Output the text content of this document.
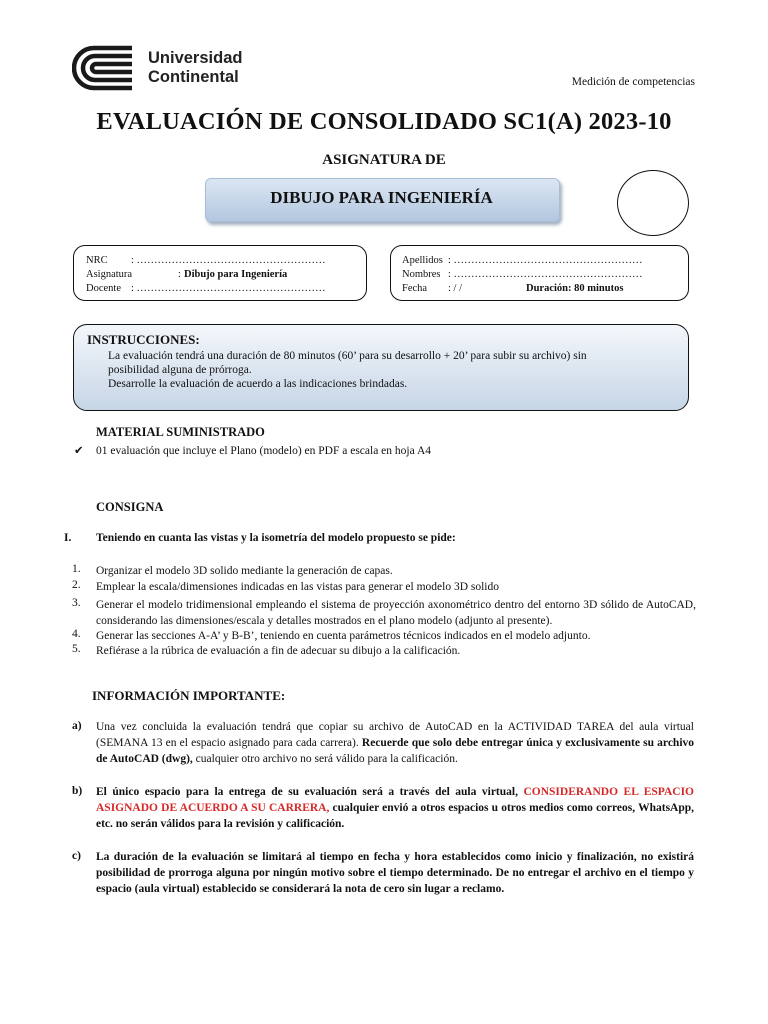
Universidad
Continental	Medición de competencias
EVALUACIÓN DE CONSOLIDADO SC1(A) 2023-10
ASIGNATURA DE
DIBUJO PARA INGENIERÍA
NRC : ………………………………………………
Asignatura	: Dibujo para Ingeniería
Docente : ………………………………………………
Apellidos : ………………………………………………
Nombres : ………………………………………………
Fecha : / /	Duración: 80 minutos
INSTRUCCIONES:
La evaluación tendrá una duración de 80 minutos (60’ para su desarrollo + 20’ para subir su archivo) sin
posibilidad alguna de prórroga.
Desarrolle la evaluación de acuerdo a las indicaciones brindadas.
MATERIAL SUMINISTRADO
✔ 01 evaluación que incluye el Plano (modelo) en PDF a escala en hoja A4
CONSIGNA
I. Teniendo en cuanta las vistas y la isometría del modelo propuesto se pide:
1. Organizar el modelo 3D solido mediante la generación de capas.
2. Emplear la escala/dimensiones indicadas en las vistas para generar el modelo 3D solido
3. Generar el modelo tridimensional empleando el sistema de proyección axonométrico dentro del entorno 3D sólido de AutoCAD, considerando las dimensiones/escala y detalles mostrados en el plano modelo (adjunto al presente).
4. Generar las secciones A-A’ y B-B’, teniendo en cuenta parámetros técnicos indicados en el modelo adjunto.
5. Refiérase a la rúbrica de evaluación a fin de adecuar su dibujo a la calificación.
INFORMACIÓN IMPORTANTE:
a) Una vez concluida la evaluación tendrá que copiar su archivo de AutoCAD en la ACTIVIDAD TAREA del aula virtual (SEMANA 13 en el espacio asignado para cada carrera). Recuerde que solo debe entregar única y exclusivamente su archivo de AutoCAD (dwg), cualquier otro archivo no será válido para la calificación.
b) El único espacio para la entrega de su evaluación será a través del aula virtual, CONSIDERANDO EL ESPACIO ASIGNADO DE ACUERDO A SU CARRERA, cualquier envió a otros espacios u otros medios como correos, WhatsApp, etc. no serán válidos para la revisión y calificación.
c) La duración de la evaluación se limitará al tiempo en fecha y hora establecidos como inicio y finalización, no existirá posibilidad de prorroga alguna por ningún motivo sobre el tiempo determinado. De no entregar el archivo en el tiempo y espacio (aula virtual) establecido se considerará la nota de cero sin lugar a reclamo.
